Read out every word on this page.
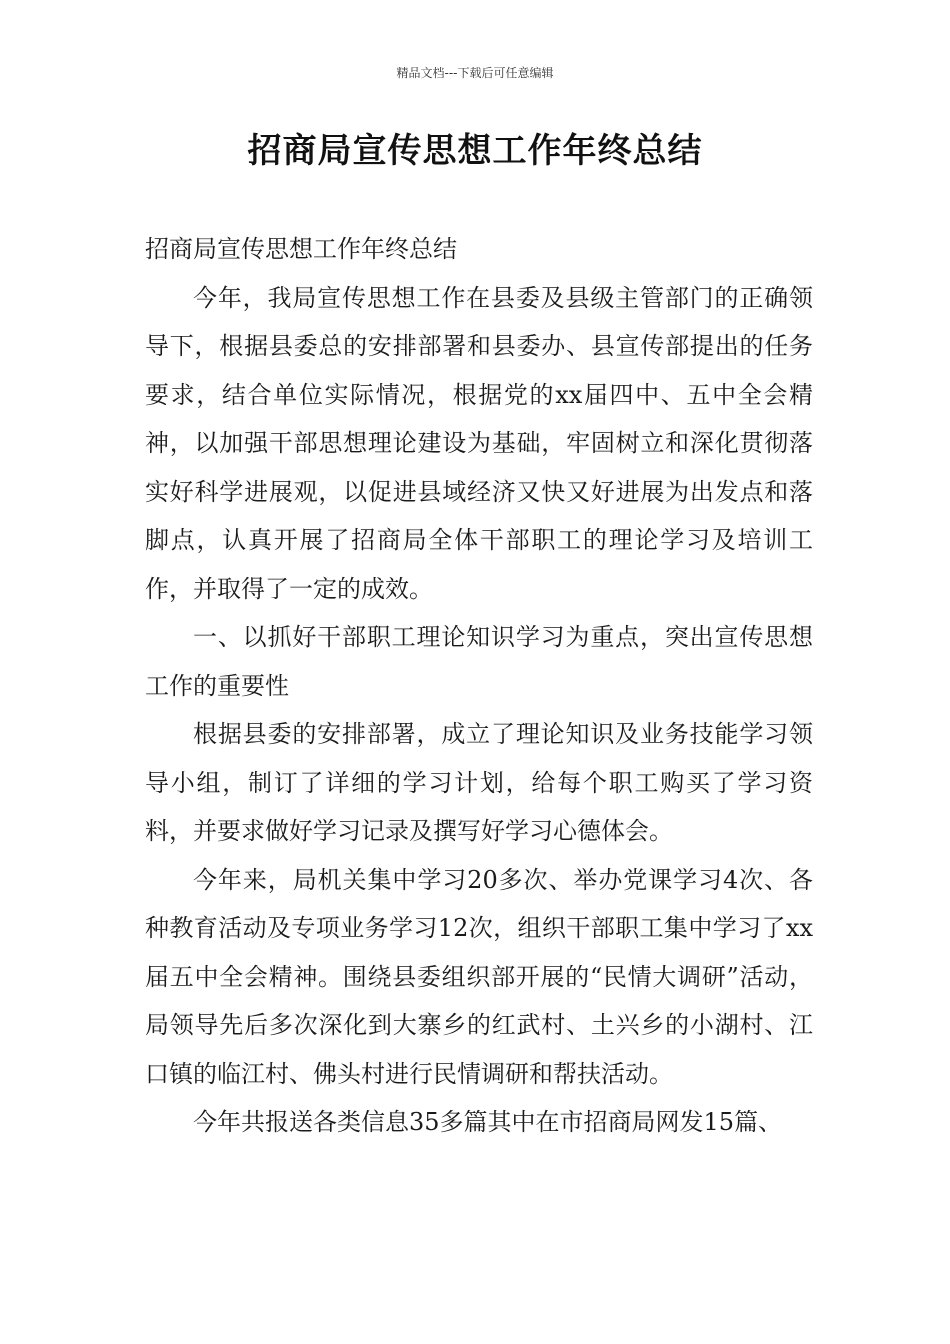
精品文档---下载后可任意编辑
招商局宣传思想工作年终总结

招商局宣传思想工作年终总结

今年，我局宣传思想工作在县委及县级主管部门的正确领导下，根据县委总的安排部署和县委办、县宣传部提出的任务要求，结合单位实际情况，根据党的xx届四中、五中全会精神，以加强干部思想理论建设为基础，牢固树立和深化贯彻落实好科学进展观，以促进县域经济又快又好进展为出发点和落脚点，认真开展了招商局全体干部职工的理论学习及培训工作，并取得了一定的成效。

一、以抓好干部职工理论知识学习为重点，突出宣传思想工作的重要性

根据县委的安排部署，成立了理论知识及业务技能学习领导小组，制订了详细的学习计划，给每个职工购买了学习资料，并要求做好学习记录及撰写好学习心德体会。

今年来，局机关集中学习20多次、举办党课学习4次、各种教育活动及专项业务学习12次，组织干部职工集中学习了xx届五中全会精神。围绕县委组织部开展的“民情大调研”活动，局领导先后多次深化到大寨乡的红武村、土兴乡的小湖村、江口镇的临江村、佛头村进行民情调研和帮扶活动。

今年共报送各类信息35多篇其中在市招商局网发15篇、
